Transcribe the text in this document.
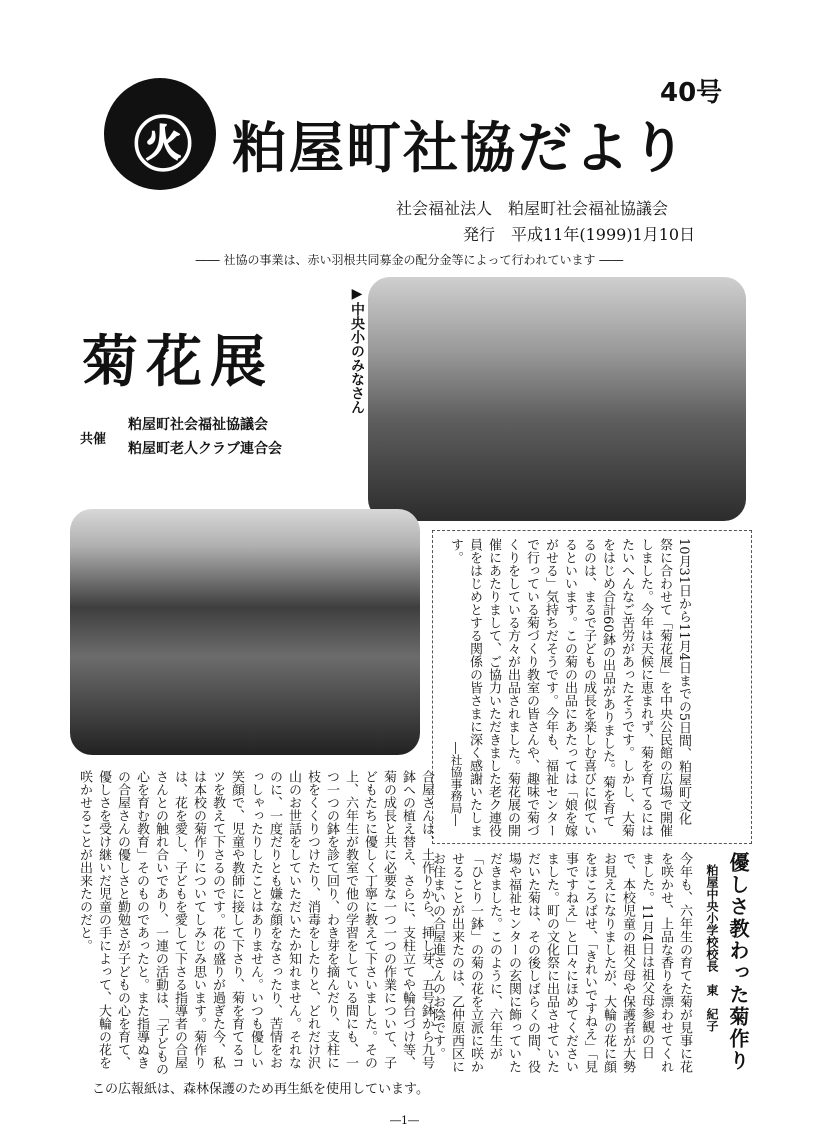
㊋
40号
粕屋町社協だより
社会福祉法人　粕屋町社会福祉協議会
発行　平成11年(1999)1月10日
―― 社協の事業は、赤い羽根共同募金の配分金等によって行われています ――
▶中央小のみなさん
菊花展
共催
粕屋町社会福祉協議会
粕屋町老人クラブ連合会
10月31日から11月4日までの5日間、粕屋町文化祭に合わせて「菊花展」を中央公民館の広場で開催しました。今年は天候に恵まれず、菊を育てるにはたいへんなご苦労があったそうです。しかし、大菊をはじめ合計60鉢の出品がありました。菊を育てるのは、まるで子どもの成長を楽しむ喜びに似ているといいます。この菊の出品にあたっては「娘を嫁がせる」気持ちだそうです。今年も、福祉センターで行っている菊づくり教室の皆さんや、趣味で菊づくりをしている方々が出品されました。菊花展の開催にあたりまして、ご協力いただきました老ク連役員をはじめとする関係の皆さまに深く感謝いたします。
―社協事務局―
優しさ教わった菊作り
粕屋中央小学校校長　東　紀子
今年も、六年生の育てた菊が見事に花を咲かせ、上品な香りを漂わせてくれました。11月4日は祖父母参観の日で、本校児童の祖父母や保護者が大勢お見えになりましたが、大輪の花に顔をほころばせ、「きれいですねえ」「見事ですねえ」と口々にほめてくださいました。町の文化祭に出品させていただいた菊は、その後しばらくの間、役場や福祉センターの玄関に飾っていただきました。このように、六年生が「ひとり一鉢」の菊の花を立派に咲かせることが出来たのは、乙仲原西区にお住まいの合屋進さんのお陰です。
合屋さんは、土作りから、挿し芽、五号鉢から九号鉢への植え替え、さらに、支柱立てや輪台づけ等、菊の成長と共に必要な一つ一つの作業について、子どもたちに優しく丁寧に教えて下さいました。その上、六年生が教室で他の学習をしている間にも、一つ一つの鉢を診て回り、わき芽を摘んだり、支柱に枝をくくりつけたり、消毒をしたりと、どれだけ沢山のお世話をしていただいたか知れません。それなのに、一度だりとも嫌な顔をなさったり、苦情をおっしゃったりしたことはありません。いつも優しい笑顔で、児童や教師に接して下さり、菊を育てるコツを教えて下さるのです。花の盛りが過ぎた今、私は本校の菊作りについてしみじみ思います。菊作りは、花を愛し、子どもを愛して下さる指導者の合屋さんとの触れ合いであり、一連の活動は、「子どもの心を育む教育」そのものであったと。また指導ぬきの合屋さんの優しさと勤勉さが子どもの心を育て、優しさを受け継いだ児童の手によって、大輪の花を咲かせることが出来たのだと。
この広報紙は、森林保護のため再生紙を使用しています。
―1―
